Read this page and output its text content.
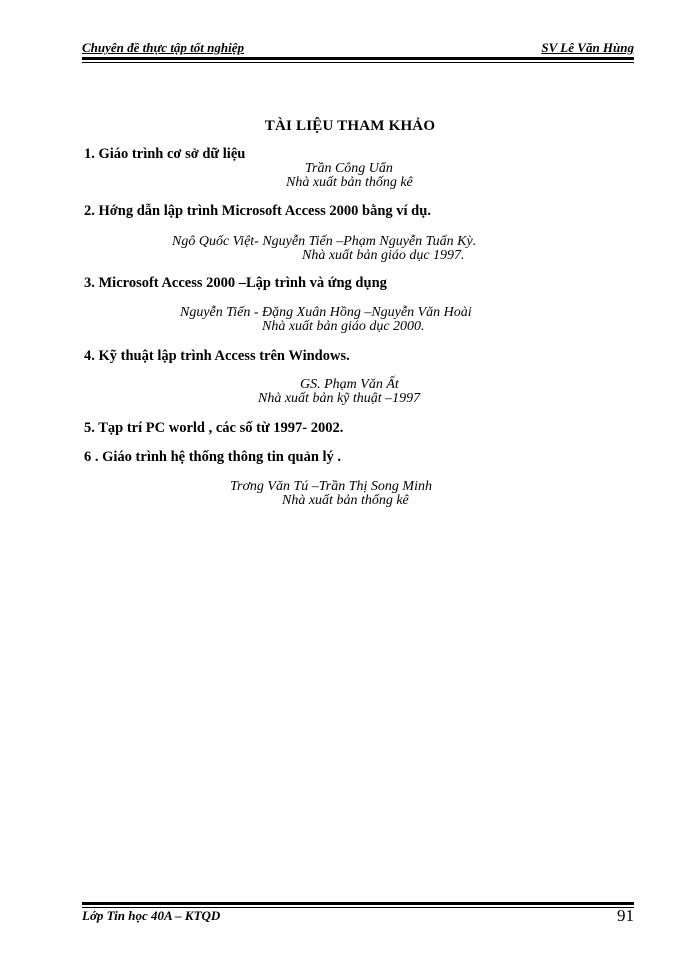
Chuyên đề thực tập tốt nghiệp	SV Lê Văn Hùng
TÀI LIỆU THAM KHẢO
1. Giáo trình cơ sở dữ liệu
Trần Công Uẩn
Nhà xuất bản thống kê
2. Hớng dẫn lập trình Microsoft Access 2000 bằng ví dụ.
Ngô Quốc Việt- Nguyễn Tiến –Phạm Nguyễn Tuấn Kỳ.
Nhà xuất bản giáo dục 1997.
3. Microsoft Access 2000 –Lập trình và ứng dụng
Nguyễn Tiến - Đặng Xuân Hồng –Nguyễn Văn Hoài
Nhà xuất bản giáo dục 2000.
4. Kỹ thuật lập trình Access trên Windows.
GS. Phạm Văn Ất
Nhà xuất bản kỹ thuật –1997
5. Tạp trí PC world , các số từ 1997- 2002.
6 . Giáo trình hệ thống thông tin quản lý .
Trơng Văn Tú –Trần Thị Song Minh
Nhà xuất bản thống kê
Lớp Tin học 40A – KTQD	91
